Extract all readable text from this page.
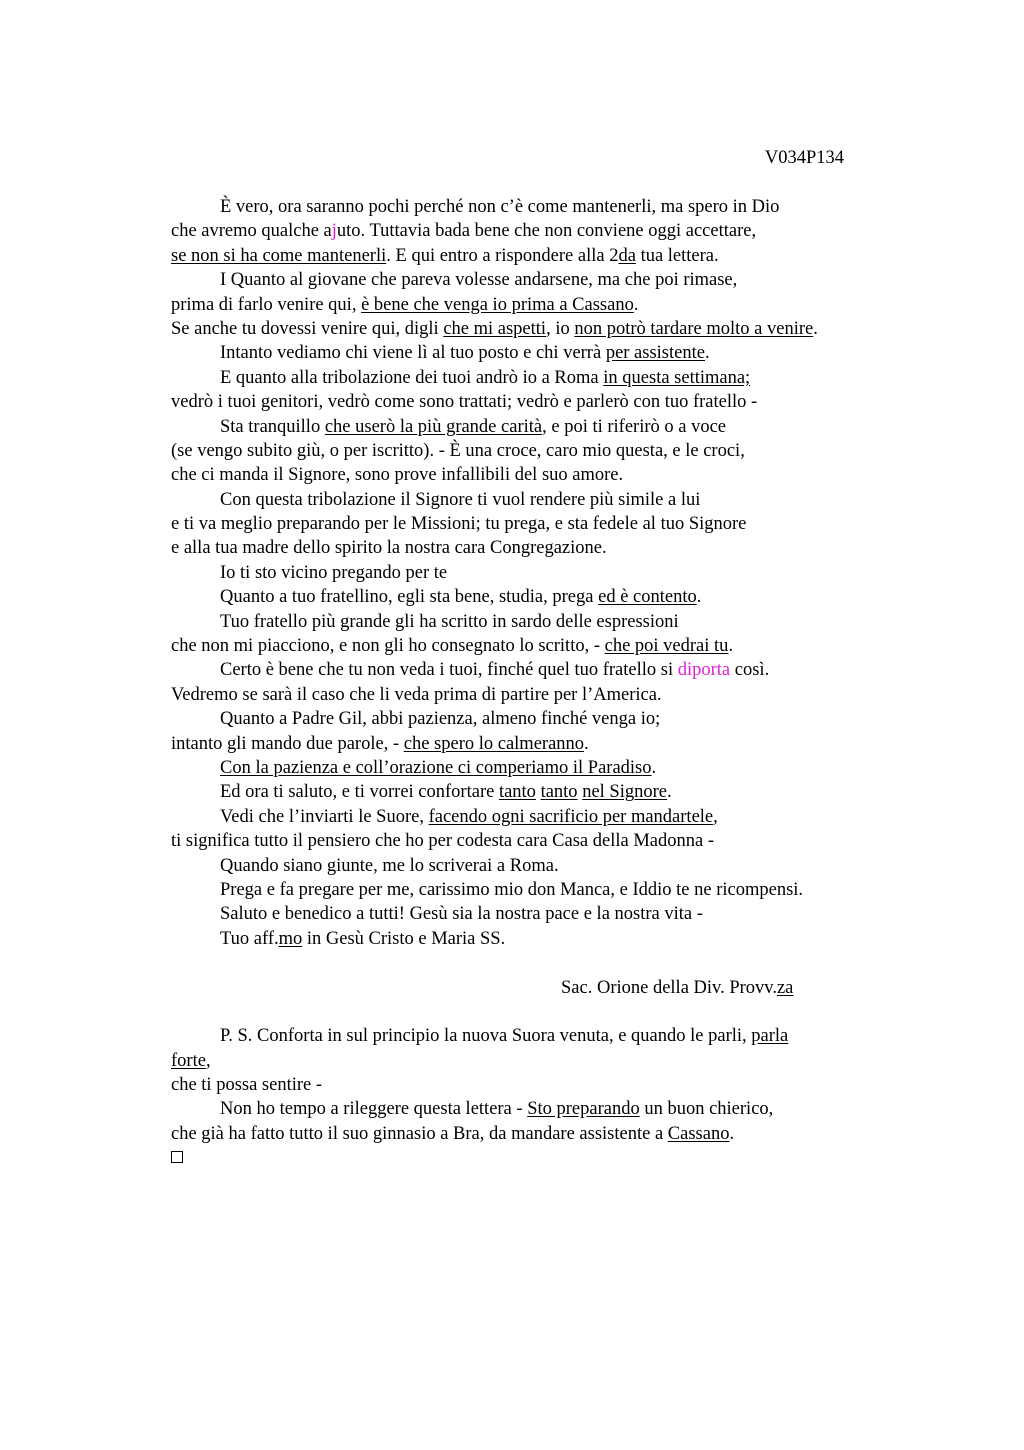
V034P134
È vero, ora saranno pochi perché non c’è come mantenerli, ma spero in Dio
che avremo qualche ajuto. Tuttavia bada bene che non conviene oggi accettare,
se non si ha come mantenerli. E qui entro a rispondere alla 2da tua lettera.
I Quanto al giovane che pareva volesse andarsene, ma che poi rimase,
prima di farlo venire qui, è bene che venga io prima a Cassano.
Se anche tu dovessi venire qui, digli che mi aspetti, io non potrò tardare molto a venire.
Intanto vediamo chi viene lì al tuo posto e chi verrà per assistente.
E quanto alla tribolazione dei tuoi andrò io a Roma in questa settimana;
vedrò i tuoi genitori, vedrò come sono trattati; vedrò e parlerò con tuo fratello -
Sta tranquillo che userò la più grande carità, e poi ti riferirò o a voce
(se vengo subito giù, o per iscritto). - È una croce, caro mio questa, e le croci,
che ci manda il Signore, sono prove infallibili del suo amore.
Con questa tribolazione il Signore ti vuol rendere più simile a lui
e ti va meglio preparando per le Missioni; tu prega, e sta fedele al tuo Signore
e alla tua madre dello spirito la nostra cara Congregazione.
Io ti sto vicino pregando per te
Quanto a tuo fratellino, egli sta bene, studia, prega ed è contento.
Tuo fratello più grande gli ha scritto in sardo delle espressioni
che non mi piacciono, e non gli ho consegnato lo scritto, - che poi vedrai tu.
Certo è bene che tu non veda i tuoi, finché quel tuo fratello si diporta così.
Vedremo se sarà il caso che li veda prima di partire per l’America.
Quanto a Padre Gil, abbi pazienza, almeno finché venga io;
intanto gli mando due parole, - che spero lo calmeranno.
Con la pazienza e coll’orazione ci comperiamo il Paradiso.
Ed ora ti saluto, e ti vorrei confortare tanto tanto nel Signore.
Vedi che l’inviarti le Suore, facendo ogni sacrificio per mandartele,
ti significa tutto il pensiero che ho per codesta cara Casa della Madonna -
Quando siano giunte, me lo scriverai a Roma.
Prega e fa pregare per me, carissimo mio don Manca, e Iddio te ne ricompensi.
Saluto e benedico a tutti! Gesù sia la nostra pace e la nostra vita -
Tuo aff.mo in Gesù Cristo e Maria SS.
Sac. Orione della Div. Provv.za
P. S. Conforta in sul principio la nuova Suora venuta, e quando le parli, parla
forte,
che ti possa sentire -
Non ho tempo a rileggere questa lettera - Sto preparando un buon chierico,
che già ha fatto tutto il suo ginnasio a Bra, da mandare assistente a Cassano.
